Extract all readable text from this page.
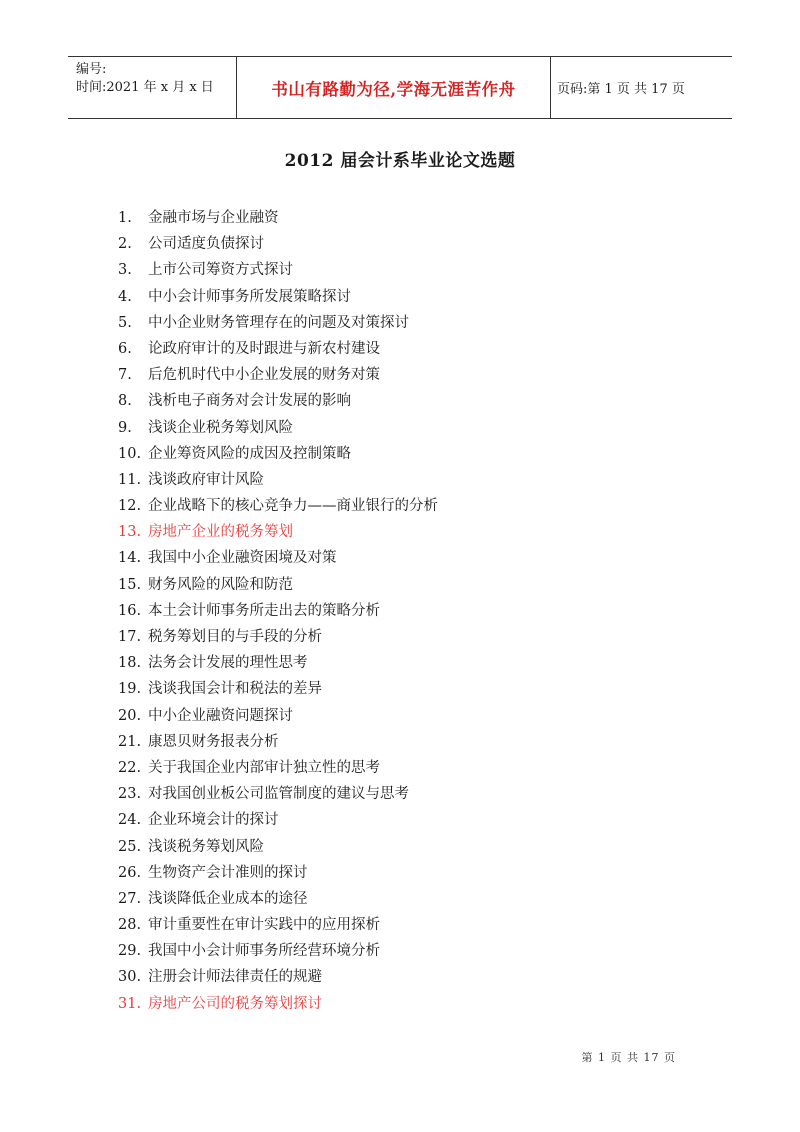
编号:
时间:2021 年 x 月 x 日	书山有路勤为径,学海无涯苦作舟	页码:第 1 页 共 17 页
2012 届会计系毕业论文选题
1. 金融市场与企业融资
2. 公司适度负债探讨
3. 上市公司筹资方式探讨
4. 中小会计师事务所发展策略探讨
5. 中小企业财务管理存在的问题及对策探讨
6. 论政府审计的及时跟进与新农村建设
7. 后危机时代中小企业发展的财务对策
8. 浅析电子商务对会计发展的影响
9. 浅谈企业税务筹划风险
10. 企业筹资风险的成因及控制策略
11. 浅谈政府审计风险
12. 企业战略下的核心竞争力——商业银行的分析
13. 房地产企业的税务筹划
14. 我国中小企业融资困境及对策
15. 财务风险的风险和防范
16. 本土会计师事务所走出去的策略分析
17. 税务筹划目的与手段的分析
18. 法务会计发展的理性思考
19. 浅谈我国会计和税法的差异
20. 中小企业融资问题探讨
21. 康恩贝财务报表分析
22. 关于我国企业内部审计独立性的思考
23. 对我国创业板公司监管制度的建议与思考
24. 企业环境会计的探讨
25. 浅谈税务筹划风险
26. 生物资产会计准则的探讨
27. 浅谈降低企业成本的途径
28. 审计重要性在审计实践中的应用探析
29. 我国中小会计师事务所经营环境分析
30. 注册会计师法律责任的规避
31. 房地产公司的税务筹划探讨
第 1 页 共 17 页
